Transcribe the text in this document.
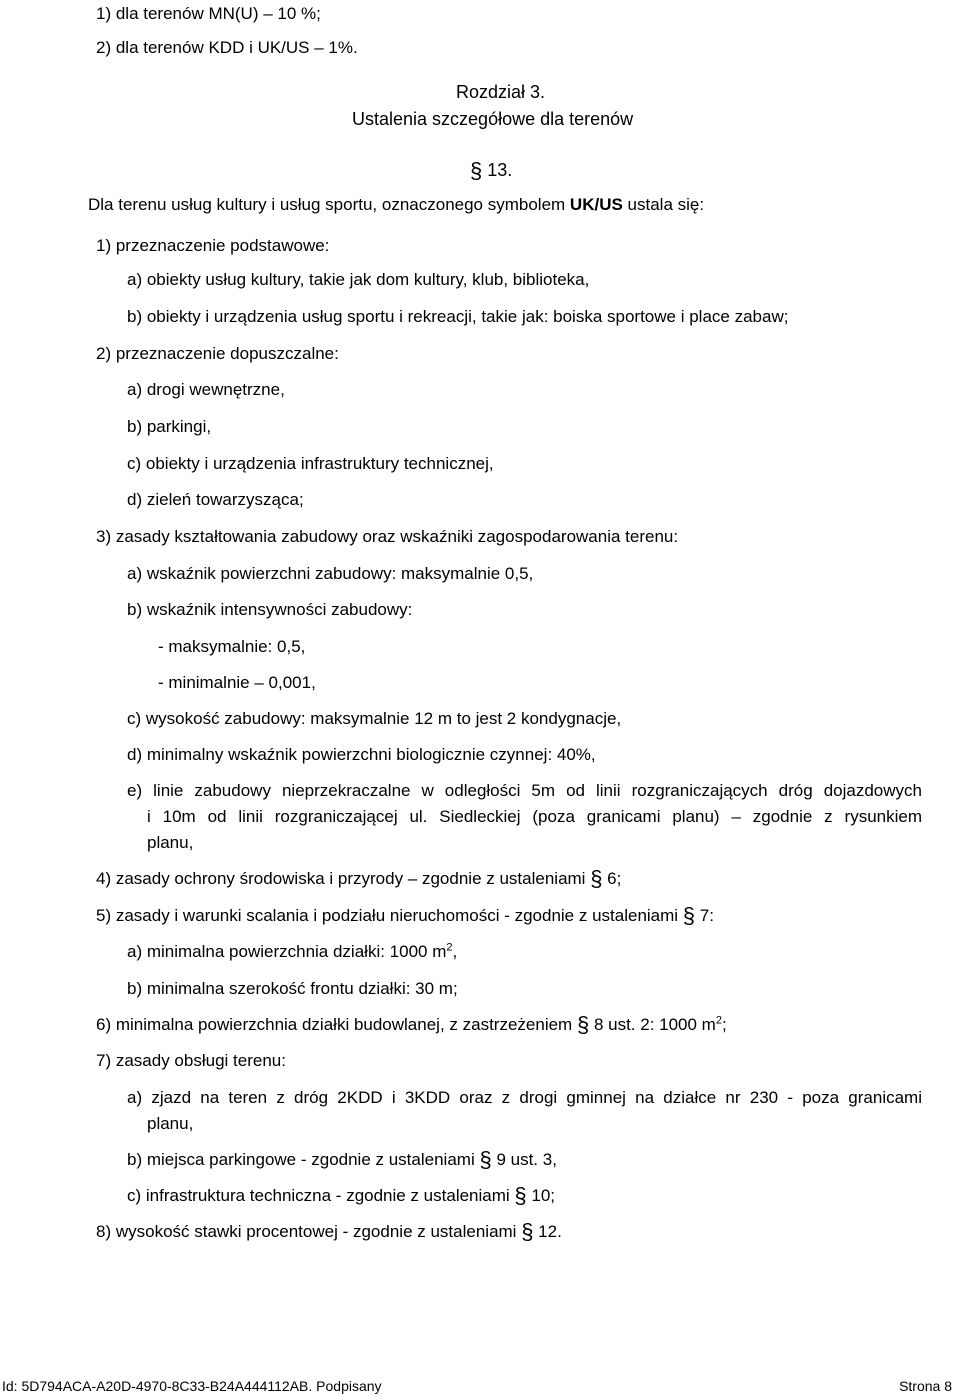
1) dla terenów MN(U) – 10 %;
2) dla terenów KDD i UK/US – 1%.
Rozdział 3.
Ustalenia szczegółowe dla terenów
§ 13.
Dla terenu usług kultury i usług sportu, oznaczonego symbolem UK/US ustala się:
1) przeznaczenie podstawowe:
a) obiekty usług kultury, takie jak dom kultury, klub, biblioteka,
b) obiekty i urządzenia usług sportu i rekreacji, takie jak: boiska sportowe i place zabaw;
2) przeznaczenie dopuszczalne:
a) drogi wewnętrzne,
b) parkingi,
c) obiekty i urządzenia infrastruktury technicznej,
d) zieleń towarzysząca;
3) zasady kształtowania zabudowy oraz wskaźniki zagospodarowania terenu:
a) wskaźnik powierzchni zabudowy: maksymalnie 0,5,
b) wskaźnik intensywności zabudowy:
- maksymalnie: 0,5,
- minimalnie – 0,001,
c) wysokość zabudowy: maksymalnie 12 m to jest 2 kondygnacje,
d) minimalny wskaźnik powierzchni biologicznie czynnej: 40%,
e) linie zabudowy nieprzekraczalne w odległości 5m od linii rozgraniczających dróg dojazdowych
i 10m od linii rozgraniczającej ul. Siedleckiej (poza granicami planu) – zgodnie z rysunkiem
planu,
4) zasady ochrony środowiska i przyrody – zgodnie z ustaleniami § 6;
5) zasady i warunki scalania i podziału nieruchomości - zgodnie z ustaleniami § 7:
a) minimalna powierzchnia działki: 1000 $m^2$,
b) minimalna szerokość frontu działki: 30 m;
6) minimalna powierzchnia działki budowlanej, z zastrzeżeniem § 8 ust. 2: 1000 $m^2$;
7) zasady obsługi terenu:
a) zjazd na teren z dróg 2KDD i 3KDD oraz z drogi gminnej na działce nr 230 - poza granicami
planu,
b) miejsca parkingowe - zgodnie z ustaleniami § 9 ust. 3,
c) infrastruktura techniczna - zgodnie z ustaleniami § 10;
8) wysokość stawki procentowej - zgodnie z ustaleniami § 12.
Id: 5D794ACA-A20D-4970-8C33-B24A444112AB. Podpisany	Strona 8
